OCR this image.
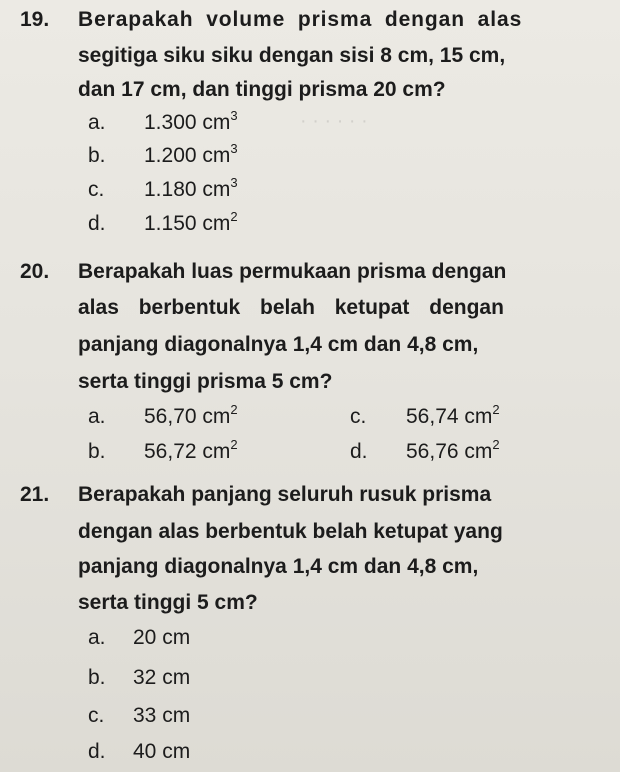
· · · · · ·
19. Berapakah volume prisma dengan alas
segitiga siku siku dengan sisi 8 cm, 15 cm,
dan 17 cm, dan tinggi prisma 20 cm?
a. 1.300 $cm^3$
b. 1.200 $cm^3$
c. 1.180 $cm^3$
d. 1.150 $cm^2$
20. Berapakah luas permukaan prisma dengan
alas berbentuk belah ketupat dengan
panjang diagonalnya 1,4 cm dan 4,8 cm,
serta tinggi prisma 5 cm?
a. 56,70 $cm^2$	c. 56,74 $cm^2$
b. 56,72 $cm^2$	d. 56,76 $cm^2$
21. Berapakah panjang seluruh rusuk prisma
dengan alas berbentuk belah ketupat yang
panjang diagonalnya 1,4 cm dan 4,8 cm,
serta tinggi 5 cm?
a. 20 cm
b. 32 cm
c. 33 cm
d. 40 cm
